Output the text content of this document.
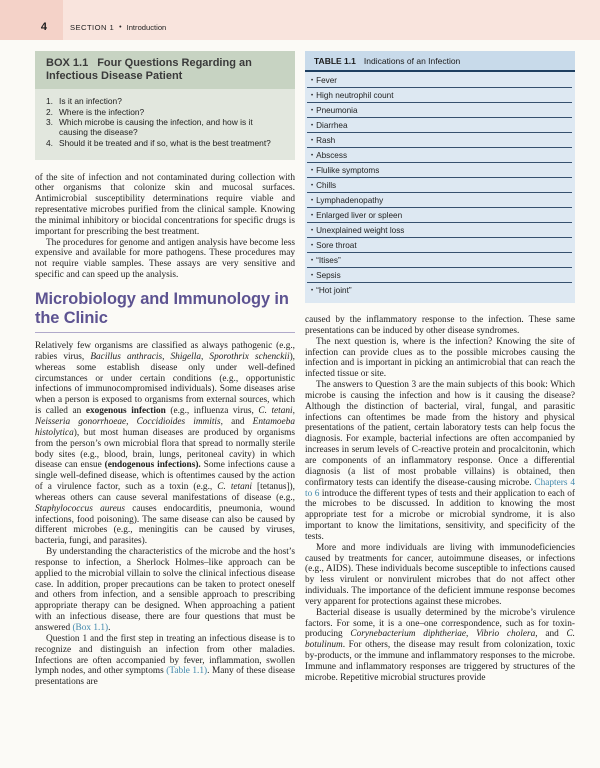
4	SECTION 1 • Introduction
BOX 1.1 Four Questions Regarding an Infectious Disease Patient
1. Is it an infection?
2. Where is the infection?
3. Which microbe is causing the infection, and how is it causing the disease?
4. Should it be treated and if so, what is the best treatment?

of the site of infection and not contaminated during collection with other organisms that colonize skin and mucosal surfaces. Antimicrobial susceptibility determinations require viable and representative microbes purified from the clinical sample. Knowing the minimal inhibitory or biocidal concentrations for specific drugs is important for prescribing the best treatment.

The procedures for genome and antigen analysis have become less expensive and available for more pathogens. These procedures may not require viable samples. These assays are very sensitive and specific and can speed up the analysis.

Microbiology and Immunology in the Clinic

Relatively few organisms are classified as always pathogenic (e.g., rabies virus, Bacillus anthracis, Shigella, Sporothrix schenckii), whereas some establish disease only under well-defined circumstances or under certain conditions (e.g., opportunistic infections of immunocompromised individuals). Some diseases arise when a person is exposed to organisms from external sources, which is called an exogenous infection (e.g., influenza virus, C. tetani, Neisseria gonorrhoeae, Coccidioides immitis, and Entamoeba histolytica), but most human diseases are produced by organisms from the person’s own microbial flora that spread to normally sterile body sites (e.g., blood, brain, lungs, peritoneal cavity) in which disease can ensue (endogenous infections). Some infections cause a single well-defined disease, which is oftentimes caused by the action of a virulence factor, such as a toxin (e.g., C. tetani [tetanus]), whereas others can cause several manifestations of disease (e.g., Staphylococcus aureus causes endocarditis, pneumonia, wound infections, food poisoning). The same disease can also be caused by different microbes (e.g., meningitis can be caused by viruses, bacteria, fungi, and parasites).

By understanding the characteristics of the microbe and the host’s response to infection, a Sherlock Holmes–like approach can be applied to the microbial villain to solve the clinical infectious disease case. In addition, proper precautions can be taken to protect oneself and others from infection, and a sensible approach to prescribing appropriate therapy can be designed. When approaching a patient with an infectious disease, there are four questions that must be answered (Box 1.1).

Question 1 and the first step in treating an infectious disease is to recognize and distinguish an infection from other maladies. Infections are often accompanied by fever, inflammation, swollen lymph nodes, and other symptoms (Table 1.1). Many of these disease presentations are

TABLE 1.1 Indications of an Infection
• Fever
• High neutrophil count
• Pneumonia
• Diarrhea
• Rash
• Abscess
• Flulike symptoms
• Chills
• Lymphadenopathy
• Enlarged liver or spleen
• Unexplained weight loss
• Sore throat
• “Itises”
• Sepsis
• “Hot joint”

caused by the inflammatory response to the infection. These same presentations can be induced by other disease syndromes.

The next question is, where is the infection? Knowing the site of infection can provide clues as to the possible microbes causing the infection and is important in picking an antimicrobial that can reach the infected tissue or site.

The answers to Question 3 are the main subjects of this book: Which microbe is causing the infection and how is it causing the disease? Although the distinction of bacterial, viral, fungal, and parasitic infections can oftentimes be made from the history and physical presentations of the patient, certain laboratory tests can help focus the diagnosis. For example, bacterial infections are often accompanied by increases in serum levels of C-reactive protein and procalcitonin, which are components of an inflammatory response. Once a differential diagnosis (a list of most probable villains) is obtained, then confirmatory tests can identify the disease-causing microbe. Chapters 4 to 6 introduce the different types of tests and their application to each of the microbes to be discussed. In addition to knowing the most appropriate test for a microbe or microbial syndrome, it is also important to know the limitations, sensitivity, and specificity of the tests.

More and more individuals are living with immunodeficiencies caused by treatments for cancer, autoimmune diseases, or infections (e.g., AIDS). These individuals become susceptible to infections caused by less virulent or nonvirulent microbes that do not affect other individuals. The importance of the deficient immune response becomes very apparent for protections against these microbes.

Bacterial disease is usually determined by the microbe’s virulence factors. For some, it is a one–one correspondence, such as for toxin-producing Corynebacterium diphtheriae, Vibrio cholera, and C. botulinum. For others, the disease may result from colonization, toxic by-products, or the immune and inflammatory responses to the microbe. Immune and inflammatory responses are triggered by structures of the microbe. Repetitive microbial structures provide
